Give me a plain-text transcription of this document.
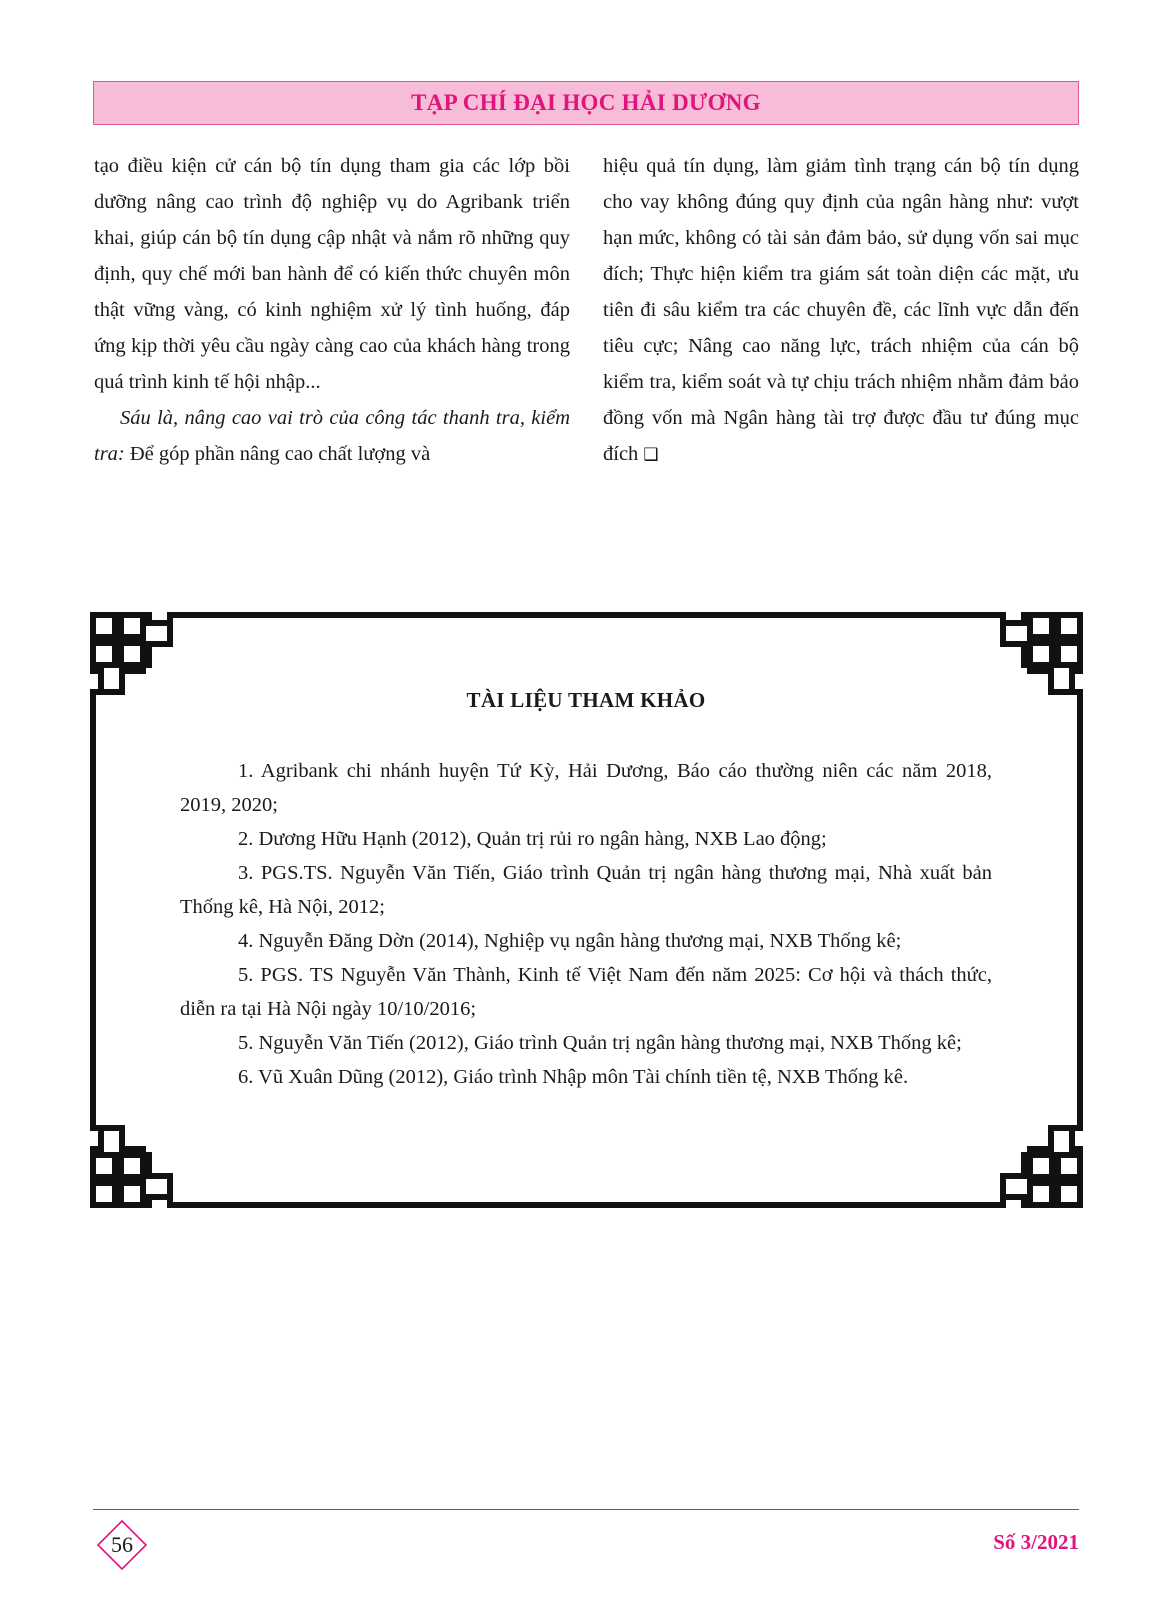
TẠP CHÍ ĐẠI HỌC HẢI DƯƠNG

tạo điều kiện cử cán bộ tín dụng tham gia các lớp bồi dưỡng nâng cao trình độ nghiệp vụ do Agribank triển khai, giúp cán bộ tín dụng cập nhật và nắm rõ những quy định, quy chế mới ban hành để có kiến thức chuyên môn thật vững vàng, có kinh nghiệm xử lý tình huống, đáp ứng kịp thời yêu cầu ngày càng cao của khách hàng trong quá trình kinh tế hội nhập...

Sáu là, nâng cao vai trò của công tác thanh tra, kiểm tra: Để góp phần nâng cao chất lượng và

hiệu quả tín dụng, làm giảm tình trạng cán bộ tín dụng cho vay không đúng quy định của ngân hàng như: vượt hạn mức, không có tài sản đảm bảo, sử dụng vốn sai mục đích; Thực hiện kiểm tra giám sát toàn diện các mặt, ưu tiên đi sâu kiểm tra các chuyên đề, các lĩnh vực dẫn đến tiêu cực; Nâng cao năng lực, trách nhiệm của cán bộ kiểm tra, kiểm soát và tự chịu trách nhiệm nhằm đảm bảo đồng vốn mà Ngân hàng tài trợ được đầu tư đúng mục đích ❑

TÀI LIỆU THAM KHẢO

1. Agribank chi nhánh huyện Tứ Kỳ, Hải Dương, Báo cáo thường niên các năm 2018, 2019, 2020;

2. Dương Hữu Hạnh (2012), Quản trị rủi ro ngân hàng, NXB Lao động;

3. PGS.TS. Nguyễn Văn Tiến, Giáo trình Quản trị ngân hàng thương mại, Nhà xuất bản Thống kê, Hà Nội, 2012;

4. Nguyễn Đăng Dờn (2014), Nghiệp vụ ngân hàng thương mại, NXB Thống kê;

5. PGS. TS Nguyễn Văn Thành, Kinh tế Việt Nam đến năm 2025: Cơ hội và thách thức, diễn ra tại Hà Nội ngày 10/10/2016;

5. Nguyễn Văn Tiến (2012), Giáo trình Quản trị ngân hàng thương mại, NXB Thống kê;

6. Vũ Xuân Dũng (2012), Giáo trình Nhập môn Tài chính tiền tệ, NXB Thống kê.

56	Số 3/2021
